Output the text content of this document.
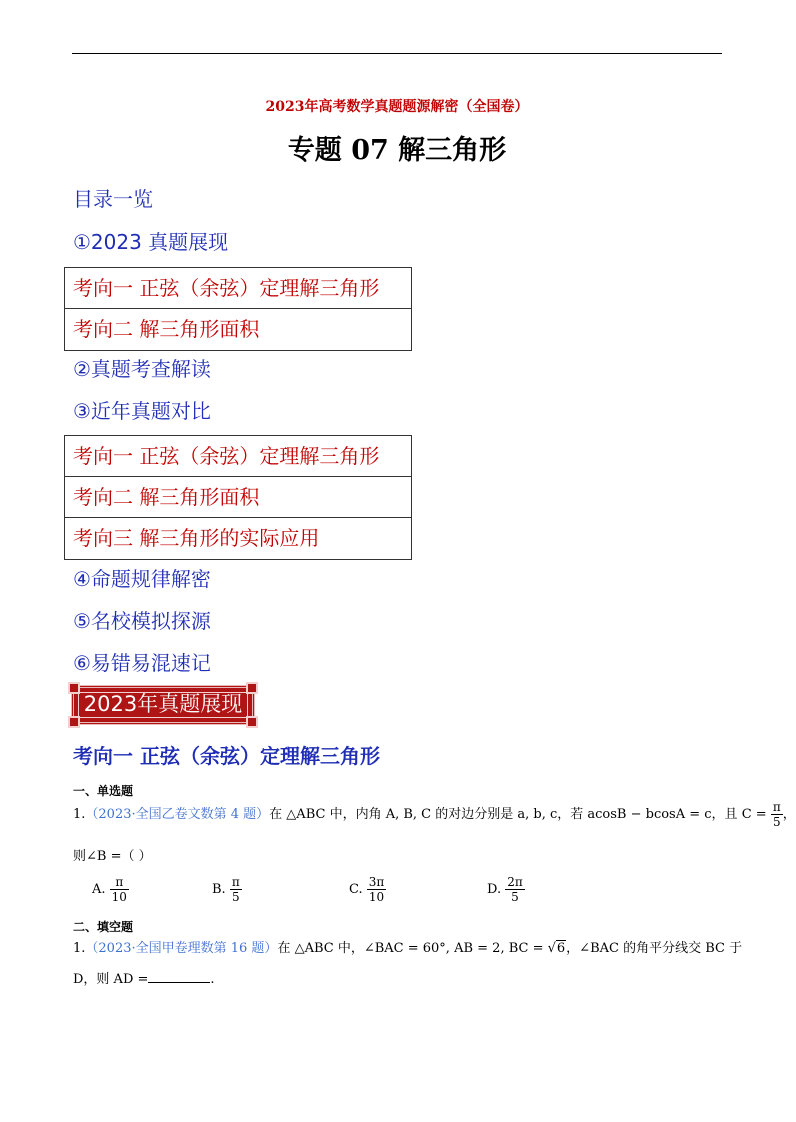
2023年高考数学真题题源解密（全国卷）
专题 07 解三角形
目录一览
①2023 真题展现
考向一 正弦（余弦）定理解三角形
考向二 解三角形面积
②真题考查解读
③近年真题对比
考向一 正弦（余弦）定理解三角形
考向二 解三角形面积
考向三 解三角形的实际应用
④命题规律解密
⑤名校模拟探源
⑥易错易混速记
2023年真题展现
考向一 正弦（余弦）定理解三角形
一、单选题
1.（2023·全国乙卷文数第 4 题）在 △ABC 中，内角 A, B, C 的对边分别是 a, b, c，若 acosB − bcosA = c，且 $C = \frac{\pi}{5}$ ，
则∠B =（ ）
A. $\frac{\pi}{10}$	B. $\frac{\pi}{5}$	C. $\frac{3\pi}{10}$	D. $\frac{2\pi}{5}$
二、填空题
1.（2023·全国甲卷理数第 16 题）在 △ABC 中，∠BAC = 60°, AB = 2, BC = √6，∠BAC 的角平分线交 BC 于
D，则 AD =	.
